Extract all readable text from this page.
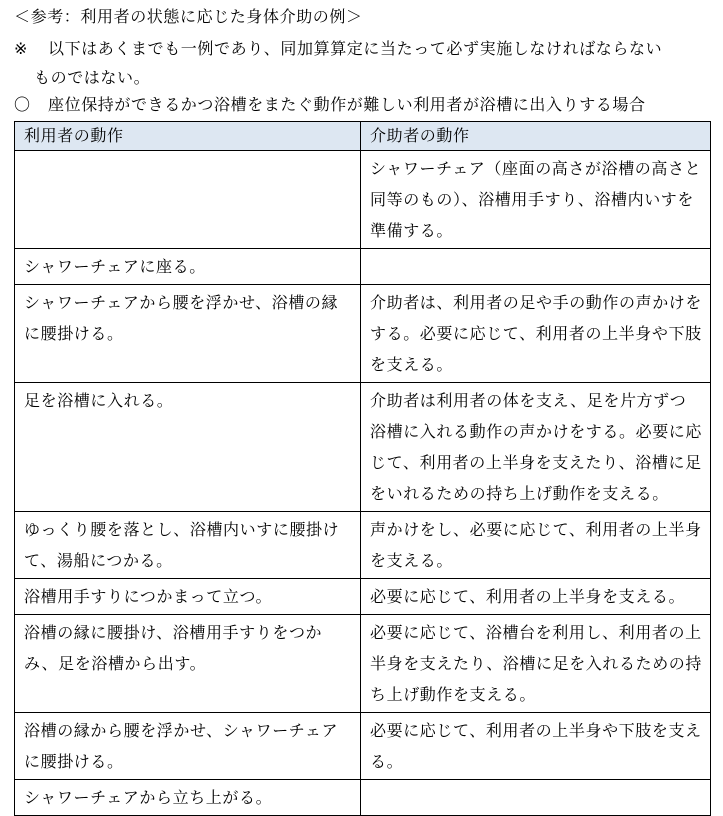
＜参考：利用者の状態に応じた身体介助の例＞
※ 以下はあくまでも一例であり、同加算算定に当たって必ず実施しなければならない
ものではない。
〇 座位保持ができるかつ浴槽をまたぐ動作が難しい利用者が浴槽に出入りする場合
利用者の動作	介助者の動作
	シャワーチェア（座面の高さが浴槽の高さと同等のもの）、浴槽用手すり、浴槽内いすを準備する。
シャワーチェアに座る。	
シャワーチェアから腰を浮かせ、浴槽の縁に腰掛ける。	介助者は、利用者の足や手の動作の声かけをする。必要に応じて、利用者の上半身や下肢を支える。
足を浴槽に入れる。	介助者は利用者の体を支え、足を片方ずつ浴槽に入れる動作の声かけをする。必要に応じて、利用者の上半身を支えたり、浴槽に足をいれるための持ち上げ動作を支える。
ゆっくり腰を落とし、浴槽内いすに腰掛けて、湯船につかる。	声かけをし、必要に応じて、利用者の上半身を支える。
浴槽用手すりにつかまって立つ。	必要に応じて、利用者の上半身を支える。
浴槽の縁に腰掛け、浴槽用手すりをつかみ、足を浴槽から出す。	必要に応じて、浴槽台を利用し、利用者の上半身を支えたり、浴槽に足を入れるための持ち上げ動作を支える。
浴槽の縁から腰を浮かせ、シャワーチェアに腰掛ける。	必要に応じて、利用者の上半身や下肢を支える。
シャワーチェアから立ち上がる。	
